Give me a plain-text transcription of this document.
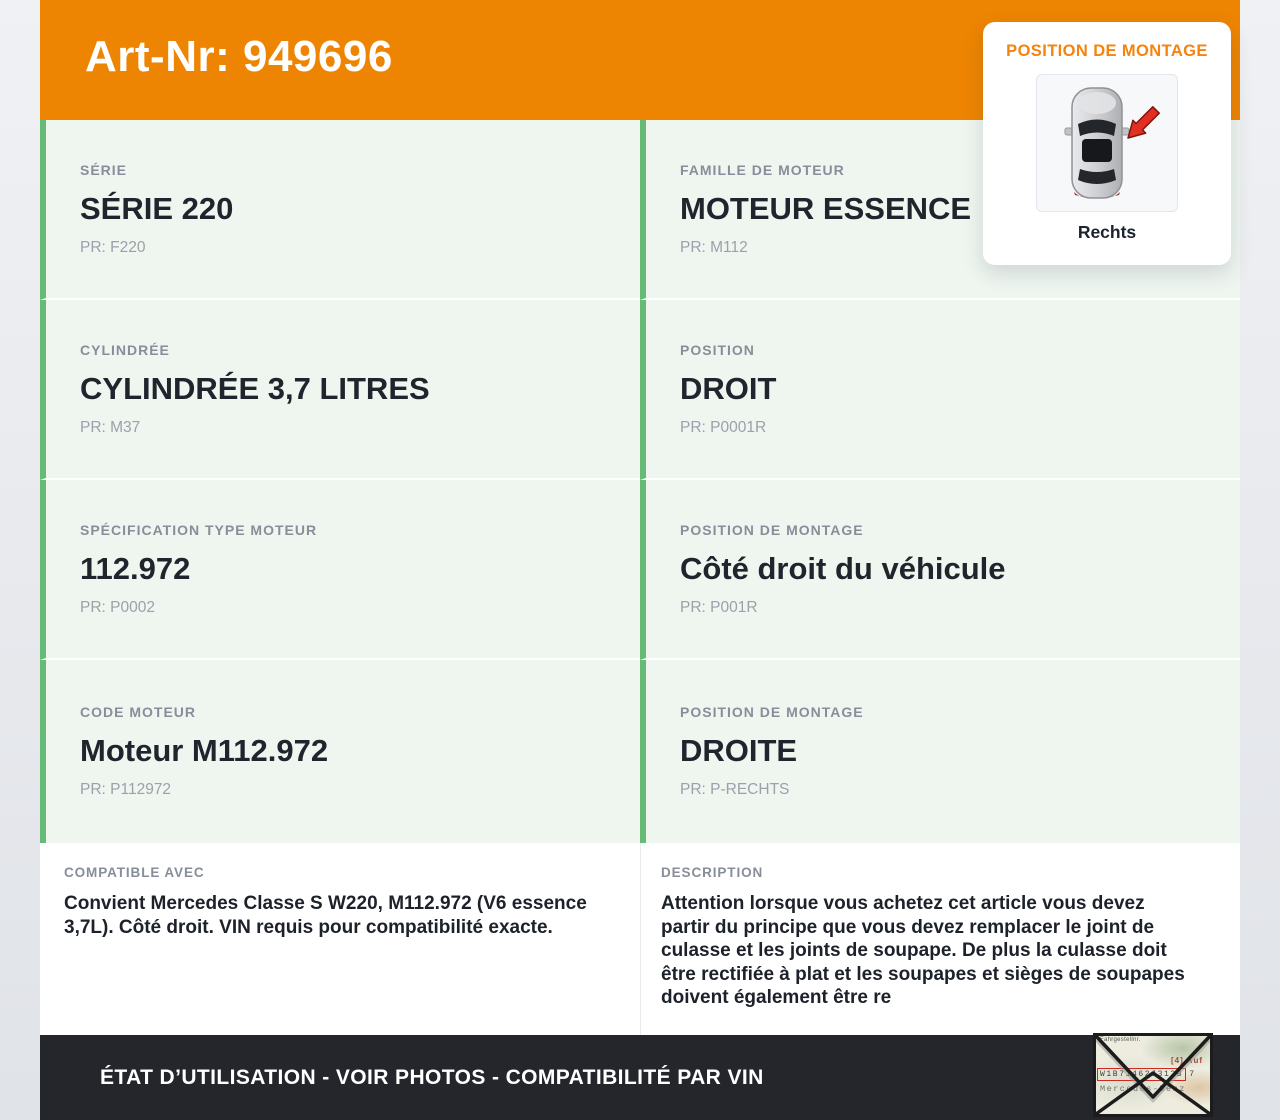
Art-Nr: 949696
SÉRIE
SÉRIE 220
PR: F220
FAMILLE DE MOTEUR
MOTEUR ESSENCE
PR: M112
CYLINDRÉE
CYLINDRÉE 3,7 LITRES
PR: M37
POSITION
DROIT
PR: P0001R
SPÉCIFICATION TYPE MOTEUR
112.972
PR: P0002
POSITION DE MONTAGE
Côté droit du véhicule
PR: P001R
CODE MOTEUR
Moteur M112.972
PR: P112972
POSITION DE MONTAGE
DROITE
PR: P-RECHTS
COMPATIBLE AVEC
Convient Mercedes Classe S W220, M112.972 (V6 essence 3,7L). Côté droit. VIN requis pour compatibilité exacte.
DESCRIPTION
Attention lorsque vous achetez cet article vous devez partir du principe que vous devez remplacer le joint de culasse et les joints de soupape. De plus la culasse doit être rectifiée à plat et les soupapes et sièges de soupapes doivent également être re
ÉTAT D’UTILISATION - VOIR PHOTOS - COMPATIBILITÉ PAR VIN
POSITION DE MONTAGE
Rechts
Fahrgestellnr.
[4] Auf
W1B71462J312B 7
Mercedes-Benz
